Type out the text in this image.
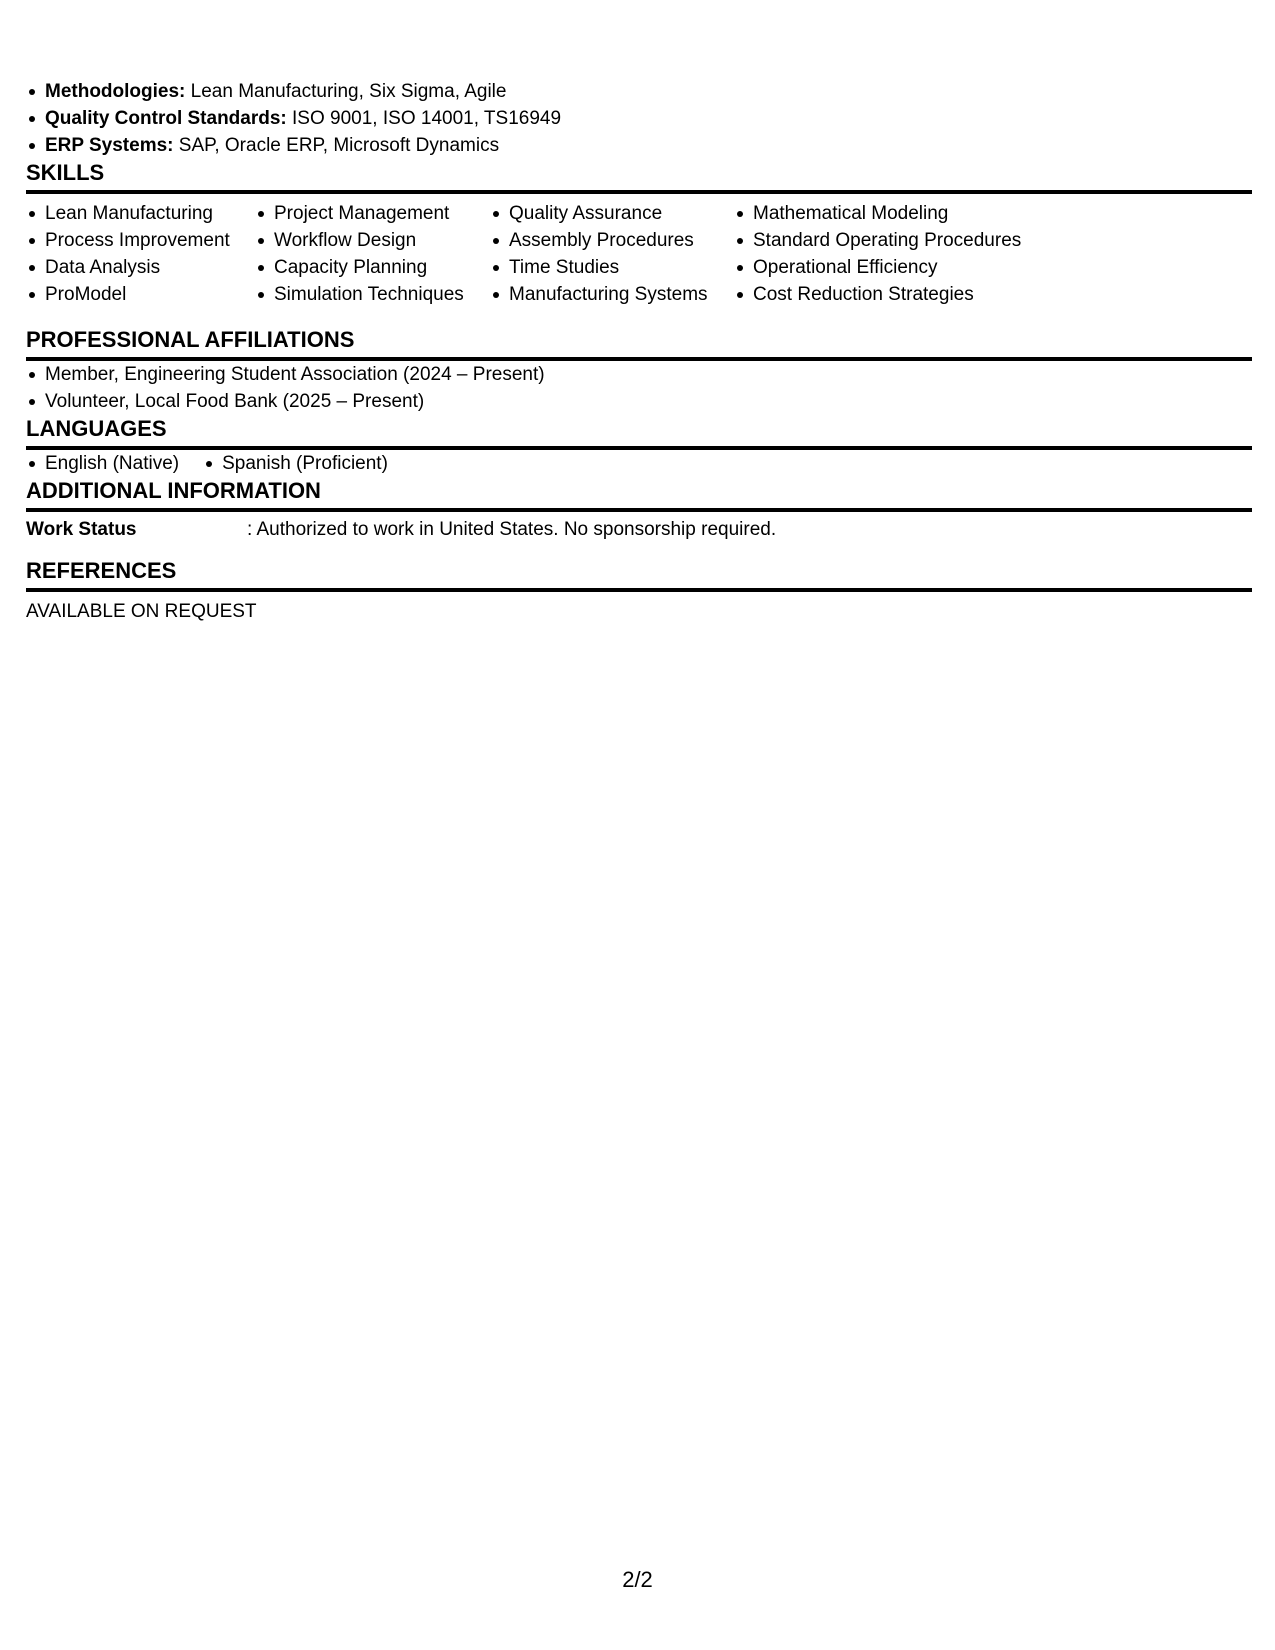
Methodologies: Lean Manufacturing, Six Sigma, Agile
Quality Control Standards: ISO 9001, ISO 14001, TS16949
ERP Systems: SAP, Oracle ERP, Microsoft Dynamics
SKILLS
Lean Manufacturing
Process Improvement
Data Analysis
ProModel
Project Management
Workflow Design
Capacity Planning
Simulation Techniques
Quality Assurance
Assembly Procedures
Time Studies
Manufacturing Systems
Mathematical Modeling
Standard Operating Procedures
Operational Efficiency
Cost Reduction Strategies
PROFESSIONAL AFFILIATIONS
Member, Engineering Student Association (2024 – Present)
Volunteer, Local Food Bank (2025 – Present)
LANGUAGES
English (Native)	Spanish (Proficient)
ADDITIONAL INFORMATION
Work Status	: Authorized to work in United States. No sponsorship required.
REFERENCES
AVAILABLE ON REQUEST
2/2
